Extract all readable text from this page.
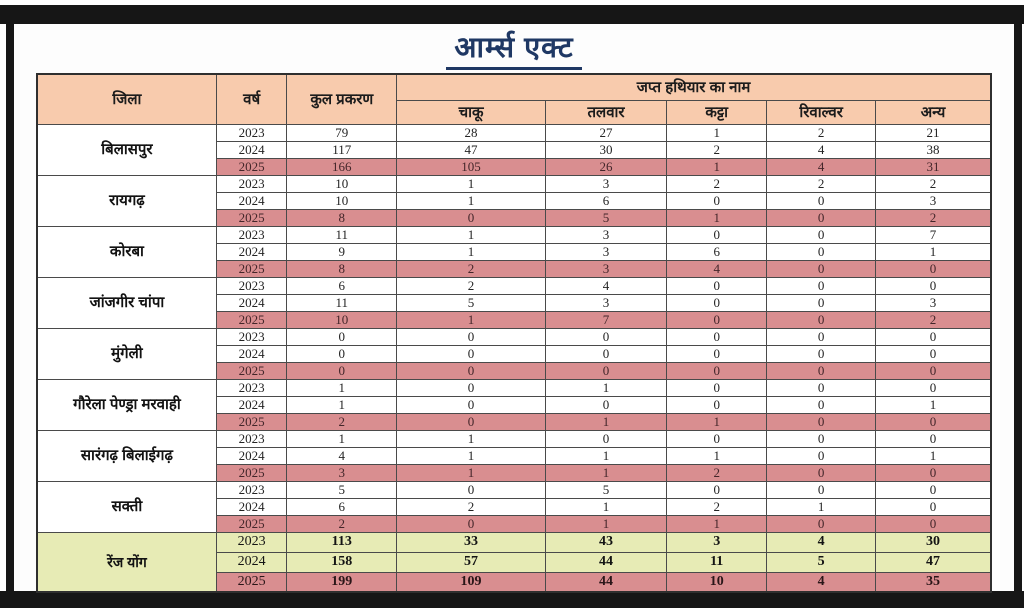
आर्म्स एक्ट
जिला	वर्ष	कुल प्रकरण	जप्त हथियार का नाम				
			चाकू	तलवार	कट्टा	रिवाल्वर	अन्य
बिलासपुर	2023	79	28	27	1	2	21
	2024	117	47	30	2	4	38
	2025	166	105	26	1	4	31
रायगढ़	2023	10	1	3	2	2	2
	2024	10	1	6	0	0	3
	2025	8	0	5	1	0	2
कोरबा	2023	11	1	3	0	0	7
	2024	9	1	3	6	0	1
	2025	8	2	3	4	0	0
जांजगीर चांपा	2023	6	2	4	0	0	0
	2024	11	5	3	0	0	3
	2025	10	1	7	0	0	2
मुंगेली	2023	0	0	0	0	0	0
	2024	0	0	0	0	0	0
	2025	0	0	0	0	0	0
गौरेला पेण्ड्रा मरवाही	2023	1	0	1	0	0	0
	2024	1	0	0	0	0	1
	2025	2	0	1	1	0	0
सारंगढ़ बिलाईगढ़	2023	1	1	0	0	0	0
	2024	4	1	1	1	0	1
	2025	3	1	1	2	0	0
सक्ती	2023	5	0	5	0	0	0
	2024	6	2	1	2	1	0
	2025	2	0	1	1	0	0
रेंज योंग	2023	113	33	43	3	4	30
	2024	158	57	44	11	5	47
	2025	199	109	44	10	4	35
